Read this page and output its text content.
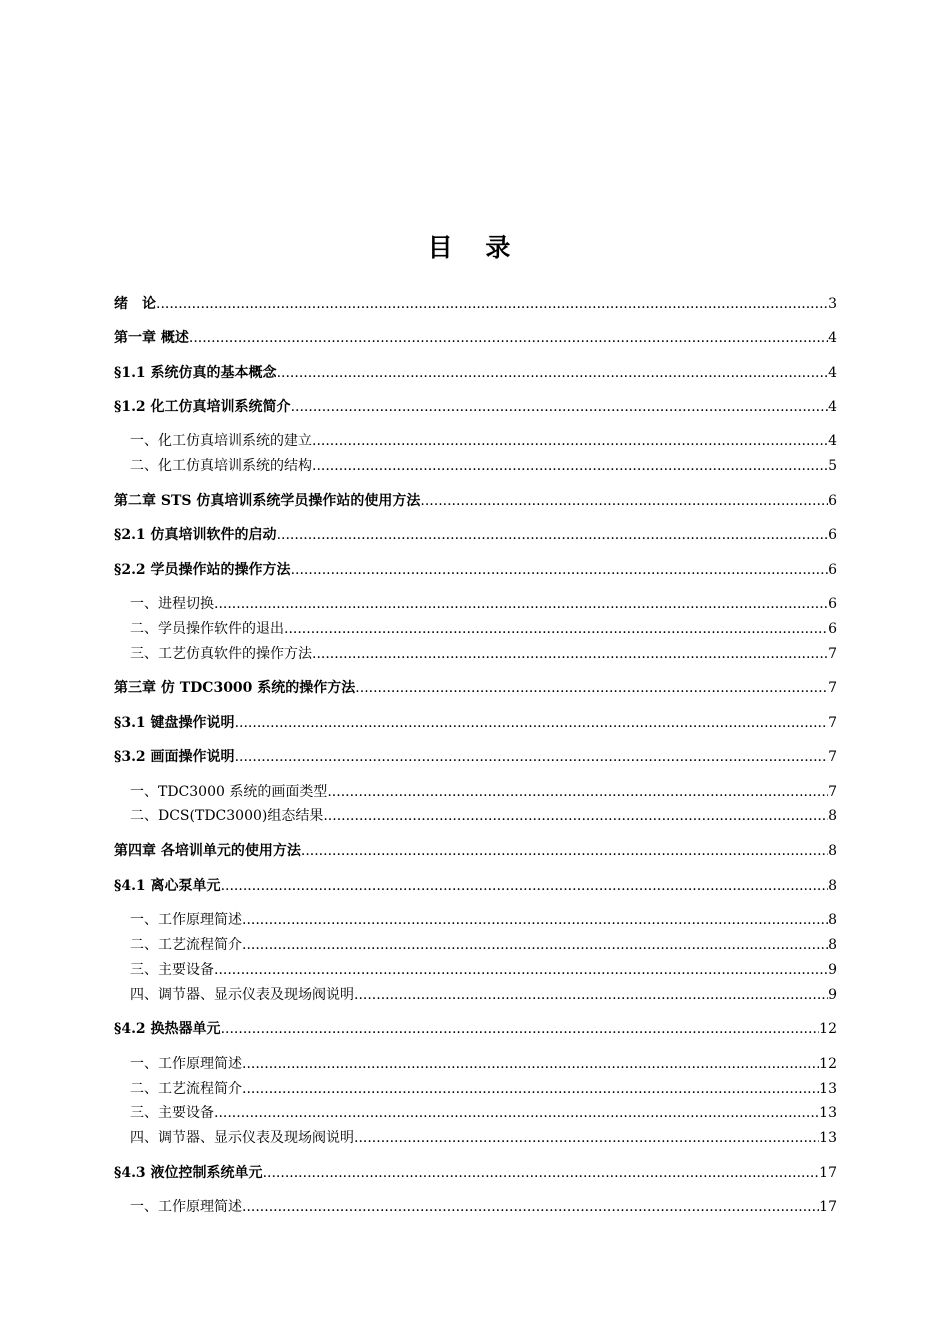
目 录
绪　论 .....	3
第一章 概述 .....	4
§1.1 系统仿真的基本概念 .....	4
§1.2 化工仿真培训系统简介 .....	4
一、化工仿真培训系统的建立 .....	4
二、化工仿真培训系统的结构 .....	5
第二章 STS 仿真培训系统学员操作站的使用方法 .....	6
§2.1 仿真培训软件的启动 .....	6
§2.2 学员操作站的操作方法 .....	6
一、进程切换 .....	6
二、学员操作软件的退出 .....	6
三、工艺仿真软件的操作方法 .....	7
第三章 仿 TDC3000 系统的操作方法 .....	7
§3.1 键盘操作说明 .....	7
§3.2 画面操作说明 .....	7
一、TDC3000 系统的画面类型 .....	7
二、DCS(TDC3000)组态结果 .....	8
第四章 各培训单元的使用方法 .....	8
§4.1 离心泵单元 .....	8
一、工作原理简述 .....	8
二、工艺流程简介 .....	8
三、主要设备 .....	9
四、调节器、显示仪表及现场阀说明 .....	9
§4.2 换热器单元 .....	12
一、工作原理简述 .....	12
二、工艺流程简介 .....	13
三、主要设备 .....	13
四、调节器、显示仪表及现场阀说明 .....	13
§4.3 液位控制系统单元 .....	17
一、工作原理简述 .....	17
